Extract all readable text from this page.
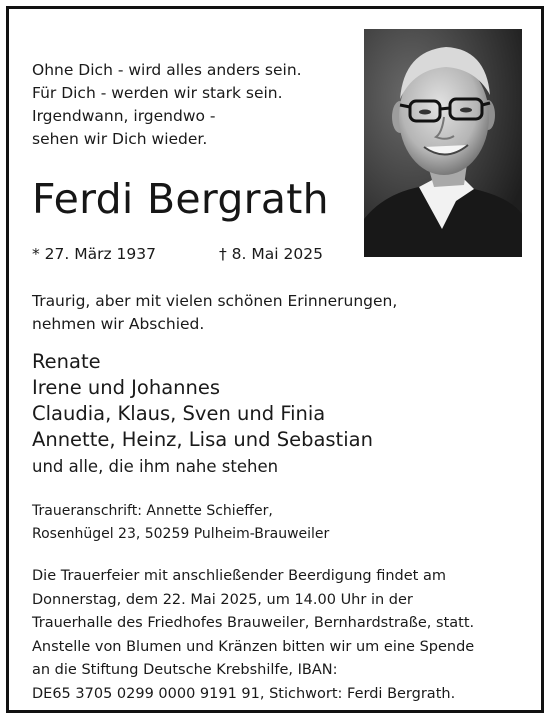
Ohne Dich - wird alles anders sein.
Für Dich - werden wir stark sein.
Irgendwann, irgendwo -
sehen wir Dich wieder.
Ferdi Bergrath
* 27. März 1937	† 8. Mai 2025
Traurig, aber mit vielen schönen Erinnerungen,
nehmen wir Abschied.
Renate
Irene und Johannes
Claudia, Klaus, Sven und Finia
Annette, Heinz, Lisa und Sebastian
und alle, die ihm nahe stehen
Traueranschrift: Annette Schieffer,
Rosenhügel 23, 50259 Pulheim-Brauweiler
Die Trauerfeier mit anschließender Beerdigung findet am
Donnerstag, dem 22. Mai 2025, um 14.00 Uhr in der
Trauerhalle des Friedhofes Brauweiler, Bernhardstraße, statt.
Anstelle von Blumen und Kränzen bitten wir um eine Spende
an die Stiftung Deutsche Krebshilfe, IBAN:
DE65 3705 0299 0000 9191 91, Stichwort: Ferdi Bergrath.
